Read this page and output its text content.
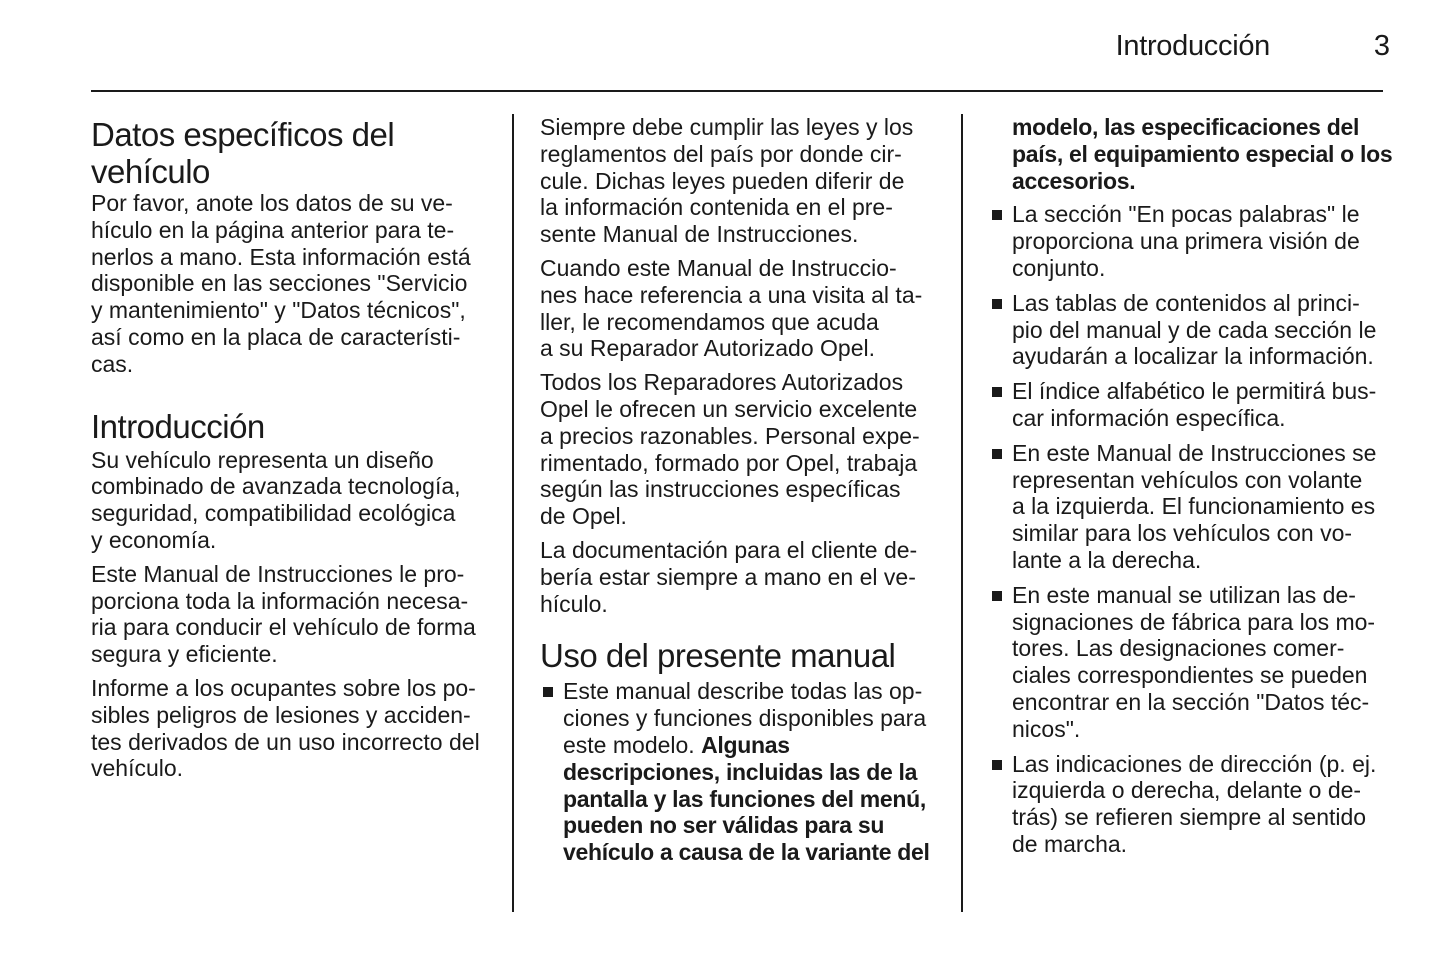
Introducción	3
Datos específicos del
vehículo
Por favor, anote los datos de su ve-
hículo en la página anterior para te-
nerlos a mano. Esta información está
disponible en las secciones "Servicio
y mantenimiento" y "Datos técnicos",
así como en la placa de característi-
cas.
Introducción
Su vehículo representa un diseño
combinado de avanzada tecnología,
seguridad, compatibilidad ecológica
y economía.
Este Manual de Instrucciones le pro-
porciona toda la información necesa-
ria para conducir el vehículo de forma
segura y eficiente.
Informe a los ocupantes sobre los po-
sibles peligros de lesiones y acciden-
tes derivados de un uso incorrecto del
vehículo.
Siempre debe cumplir las leyes y los
reglamentos del país por donde cir-
cule. Dichas leyes pueden diferir de
la información contenida en el pre-
sente Manual de Instrucciones.
Cuando este Manual de Instruccio-
nes hace referencia a una visita al ta-
ller, le recomendamos que acuda
a su Reparador Autorizado Opel.
Todos los Reparadores Autorizados
Opel le ofrecen un servicio excelente
a precios razonables. Personal expe-
rimentado, formado por Opel, trabaja
según las instrucciones específicas
de Opel.
La documentación para el cliente de-
bería estar siempre a mano en el ve-
hículo.
Uso del presente manual
Este manual describe todas las op-
ciones y funciones disponibles para
este modelo. Algunas
descripciones, incluidas las de la
pantalla y las funciones del menú,
pueden no ser válidas para su
vehículo a causa de la variante del
modelo, las especificaciones del
país, el equipamiento especial o los
accesorios.
La sección "En pocas palabras" le
proporciona una primera visión de
conjunto.
Las tablas de contenidos al princi-
pio del manual y de cada sección le
ayudarán a localizar la información.
El índice alfabético le permitirá bus-
car información específica.
En este Manual de Instrucciones se
representan vehículos con volante
a la izquierda. El funcionamiento es
similar para los vehículos con vo-
lante a la derecha.
En este manual se utilizan las de-
signaciones de fábrica para los mo-
tores. Las designaciones comer-
ciales correspondientes se pueden
encontrar en la sección "Datos téc-
nicos".
Las indicaciones de dirección (p. ej.
izquierda o derecha, delante o de-
trás) se refieren siempre al sentido
de marcha.
